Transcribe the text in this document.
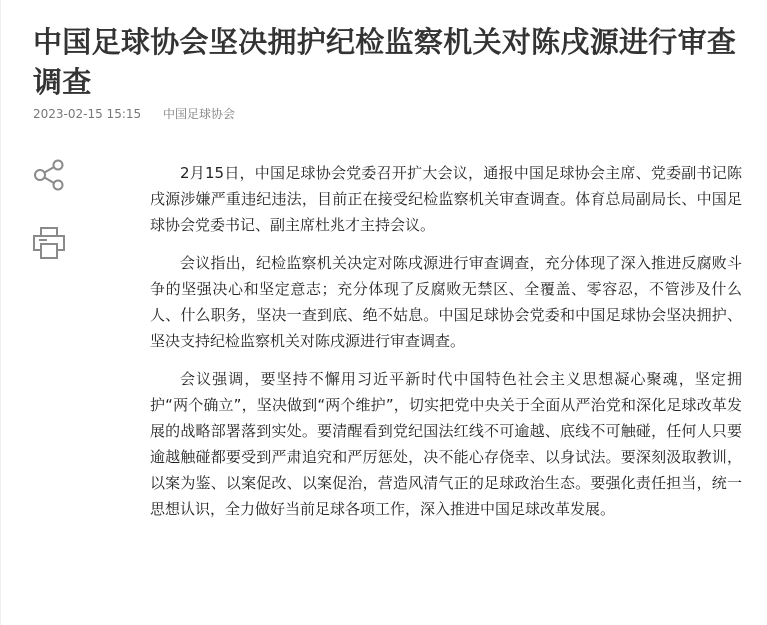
中国足球协会坚决拥护纪检监察机关对陈戌源进行审查调查
2023-02-15 15:15 中国足球协会

2月15日，中国足球协会党委召开扩大会议，通报中国足球协会主席、党委副书记陈戌源涉嫌严重违纪违法，目前正在接受纪检监察机关审查调查。体育总局副局长、中国足球协会党委书记、副主席杜兆才主持会议。

会议指出，纪检监察机关决定对陈戌源进行审查调查，充分体现了深入推进反腐败斗争的坚强决心和坚定意志；充分体现了反腐败无禁区、全覆盖、零容忍，不管涉及什么人、什么职务，坚决一查到底、绝不姑息。中国足球协会党委和中国足球协会坚决拥护、坚决支持纪检监察机关对陈戌源进行审查调查。

会议强调，要坚持不懈用习近平新时代中国特色社会主义思想凝心聚魂，坚定拥护“两个确立”，坚决做到“两个维护”，切实把党中央关于全面从严治党和深化足球改革发展的战略部署落到实处。要清醒看到党纪国法红线不可逾越、底线不可触碰，任何人只要逾越触碰都要受到严肃追究和严厉惩处，决不能心存侥幸、以身试法。要深刻汲取教训，以案为鉴、以案促改、以案促治，营造风清气正的足球政治生态。要强化责任担当，统一思想认识，全力做好当前足球各项工作，深入推进中国足球改革发展。
